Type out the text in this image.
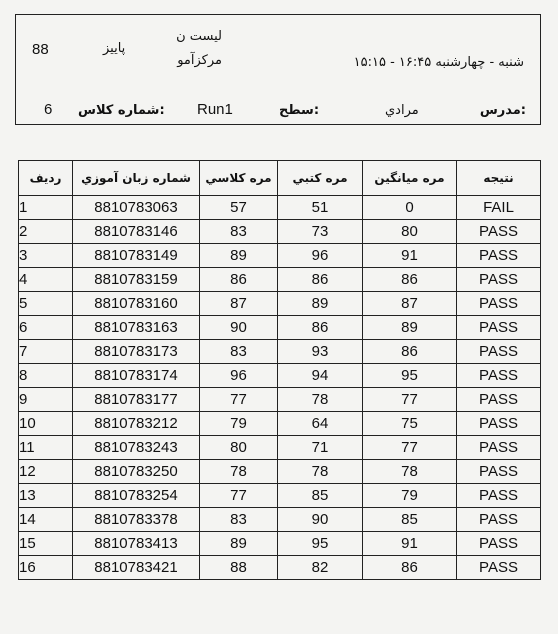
لیست ن
مرکزآمو
88	پاییز
شنبه - چهارشنبه ۱۶:۴۵ - ۱۵:۱۵
6 شماره کلاس: Run1	سطح:	مرادي	مدرس:
نتيجه	مره ميانگين	مره كتبي	مره كلاسي	شماره زبان آموزي	رديف
FAIL	0	51	57	8810783063	1
PASS	80	73	83	8810783146	2
PASS	91	96	89	8810783149	3
PASS	86	86	86	8810783159	4
PASS	87	89	87	8810783160	5
PASS	89	86	90	8810783163	6
PASS	86	93	83	8810783173	7
PASS	95	94	96	8810783174	8
PASS	77	78	77	8810783177	9
PASS	75	64	79	8810783212	10
PASS	77	71	80	8810783243	11
PASS	78	78	78	8810783250	12
PASS	79	85	77	8810783254	13
PASS	85	90	83	8810783378	14
PASS	91	95	89	8810783413	15
PASS	86	82	88	8810783421	16
